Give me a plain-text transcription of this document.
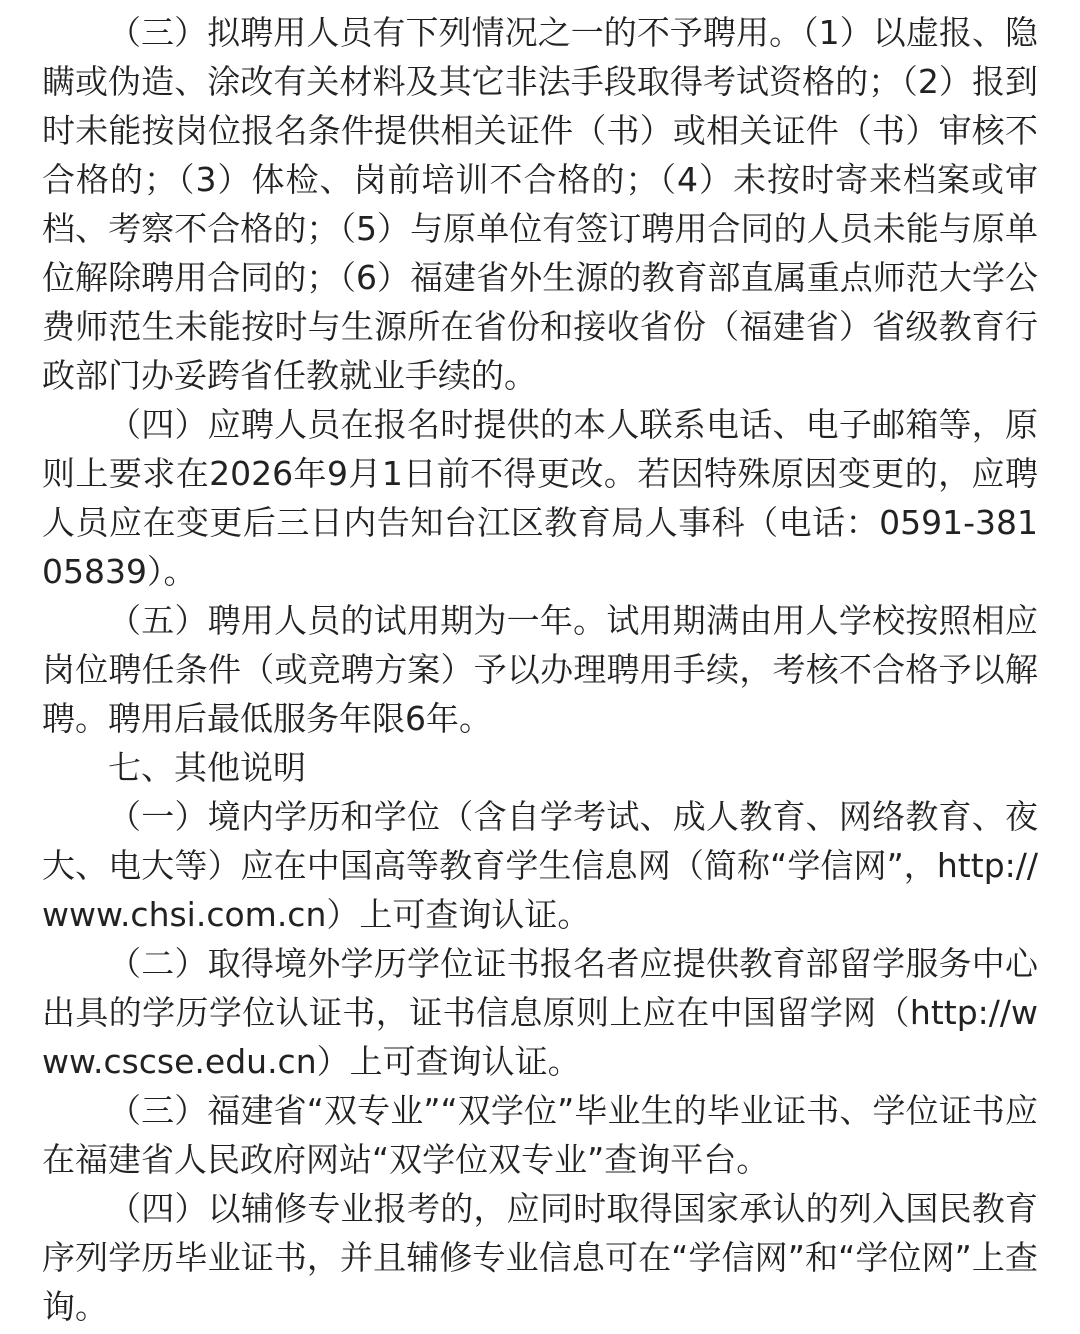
（三）拟聘用人员有下列情况之一的不予聘用。（1）以虚报、隐瞒或伪造、涂改有关材料及其它非法手段取得考试资格的；（2）报到时未能按岗位报名条件提供相关证件（书）或相关证件（书）审核不合格的；（3）体检、岗前培训不合格的；（4）未按时寄来档案或审档、考察不合格的；（5）与原单位有签订聘用合同的人员未能与原单位解除聘用合同的；（6）福建省外生源的教育部直属重点师范大学公费师范生未能按时与生源所在省份和接收省份（福建省）省级教育行政部门办妥跨省任教就业手续的。

（四）应聘人员在报名时提供的本人联系电话、电子邮箱等，原则上要求在2026年9月1日前不得更改。若因特殊原因变更的，应聘人员应在变更后三日内告知台江区教育局人事科（电话：0591-38105839）。

（五）聘用人员的试用期为一年。试用期满由用人学校按照相应岗位聘任条件（或竞聘方案）予以办理聘用手续，考核不合格予以解聘。聘用后最低服务年限6年。

七、其他说明

（一）境内学历和学位（含自学考试、成人教育、网络教育、夜大、电大等）应在中国高等教育学生信息网（简称“学信网”，http://www.chsi.com.cn）上可查询认证。

（二）取得境外学历学位证书报名者应提供教育部留学服务中心出具的学历学位认证书，证书信息原则上应在中国留学网（http://www.cscse.edu.cn）上可查询认证。

（三）福建省“双专业”“双学位”毕业生的毕业证书、学位证书应在福建省人民政府网站“双学位双专业”查询平台。

（四）以辅修专业报考的，应同时取得国家承认的列入国民教育序列学历毕业证书，并且辅修专业信息可在“学信网”和“学位网”上查询。
